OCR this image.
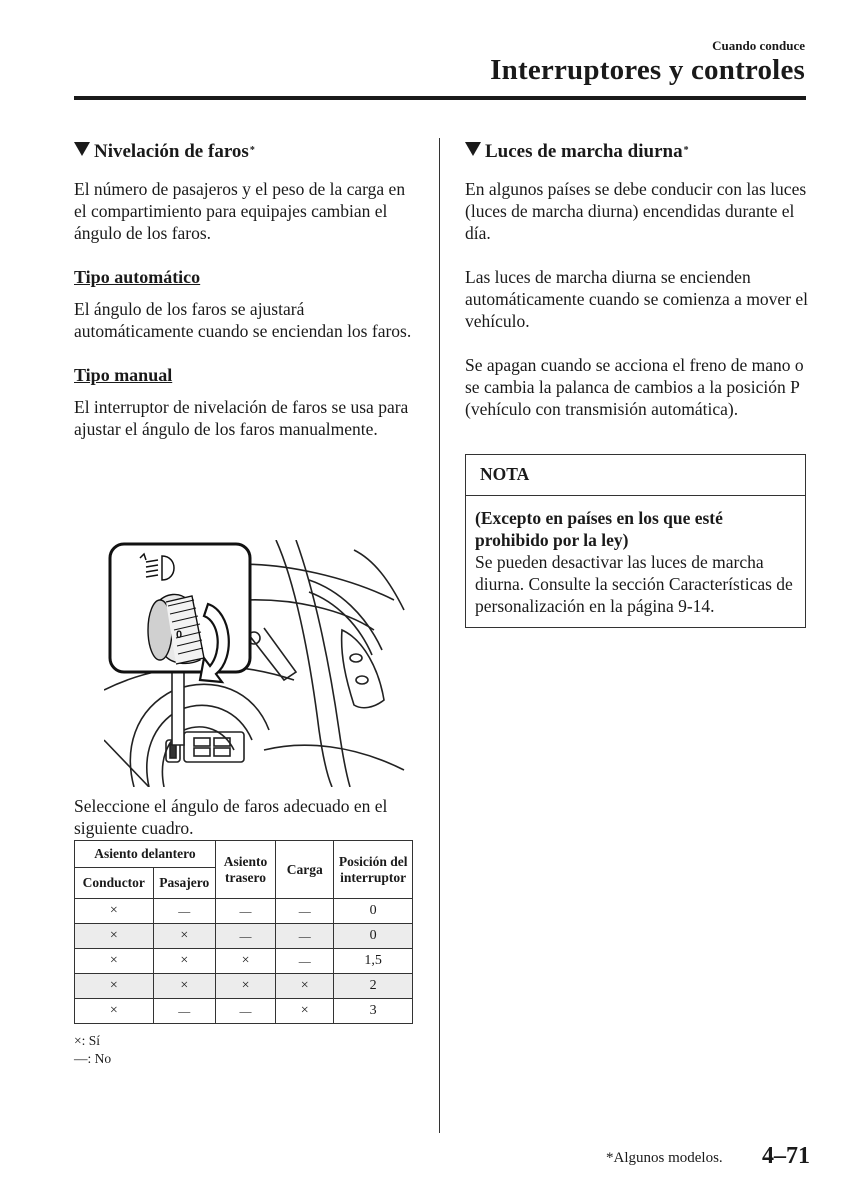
Cuando conduce
Interruptores y controles
Nivelación de faros *

El número de pasajeros y el peso de la carga en el compartimiento para equipajes cambian el ángulo de los faros.

Tipo automático

El ángulo de los faros se ajustará automáticamente cuando se enciendan los faros.

Tipo manual

El interruptor de nivelación de faros se usa para ajustar el ángulo de los faros manualmente.

0
Seleccione el ángulo de faros adecuado en el siguiente cuadro.
Asiento delantero		Asiento trasero	Carga	Posición del interruptor
Conductor	Pasajero			
×	—	—	—	0
×	×	—	—	0
×	×	×	—	1,5
×	×	×	×	2
×	—	—	×	3
×: Sí
—: No
Luces de marcha diurna *

En algunos países se debe conducir con las luces (luces de marcha diurna) encendidas durante el día.

Las luces de marcha diurna se encienden automáticamente cuando se comienza a mover el vehículo.

Se apagan cuando se acciona el freno de mano o se cambia la palanca de cambios a la posición P (vehículo con transmisión automática).

NOTA
(Excepto en países en los que esté prohibido por la ley)
Se pueden desactivar las luces de marcha diurna. Consulte la sección Características de personalización en la página 9-14.
*Algunos modelos. 4–71
